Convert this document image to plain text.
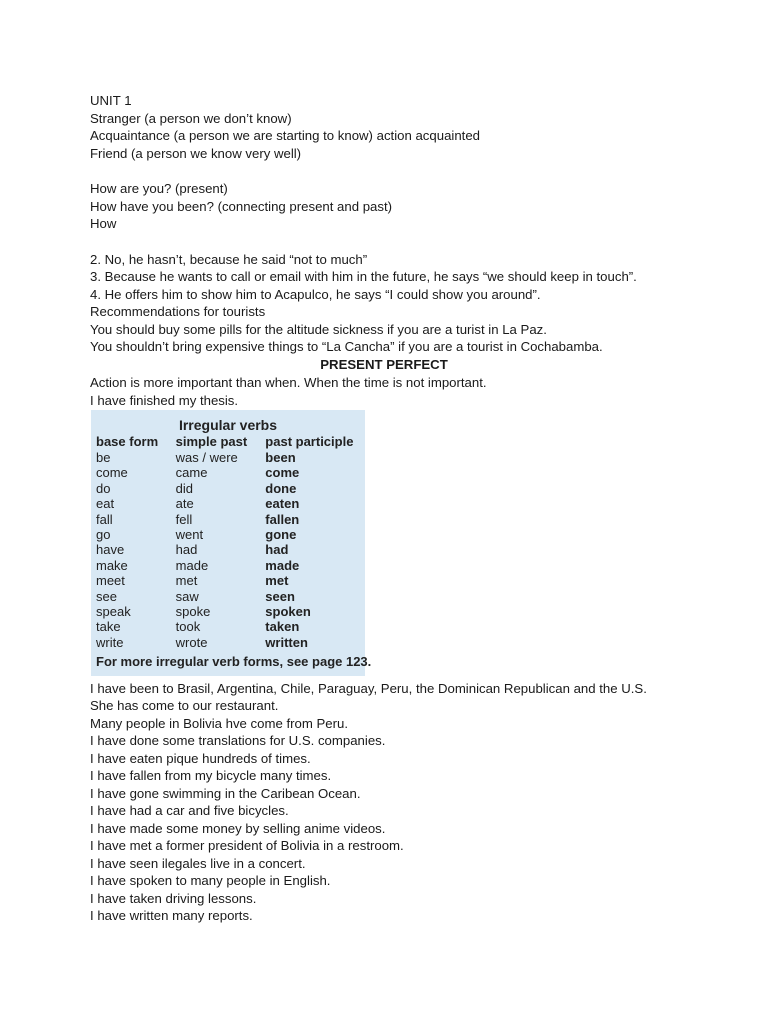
UNIT 1
Stranger (a person we don’t know)
Acquaintance (a person we are starting to know) action acquainted
Friend (a person we know very well)
How are you? (present)
How have you been? (connecting present and past)
How
2. No, he hasn’t, because he said “not to much”
3. Because he wants to call or email with him in the future, he says “we should keep in touch”.
4. He offers him to show him to Acapulco, he says “I could show you around”.
Recommendations for tourists
You should buy some pills for the altitude sickness if you are a turist in La Paz.
You shouldn’t bring expensive things to “La Cancha” if you are a tourist in Cochabamba.
PRESENT PERFECT
Action is more important than when. When the time is not important.
I have finished my thesis.
Irregular verbs
base form	simple past	past participle
be	was / were	been
come	came	come
do	did	done
eat	ate	eaten
fall	fell	fallen
go	went	gone
have	had	had
make	made	made
meet	met	met
see	saw	seen
speak	spoke	spoken
take	took	taken
write	wrote	written
For more irregular verb forms, see page 123.
I have been to Brasil, Argentina, Chile, Paraguay, Peru, the Dominican Republican and the U.S.
She has come to our restaurant.
Many people in Bolivia hve come from Peru.
I have done some translations for U.S. companies.
I have eaten pique hundreds of times.
I have fallen from my bicycle many times.
I have gone swimming in the Caribean Ocean.
I have had a car and five bicycles.
I have made some money by selling anime videos.
I have met a former president of Bolivia in a restroom.
I have seen ilegales live in a concert.
I have spoken to many people in English.
I have taken driving lessons.
I have written many reports.
